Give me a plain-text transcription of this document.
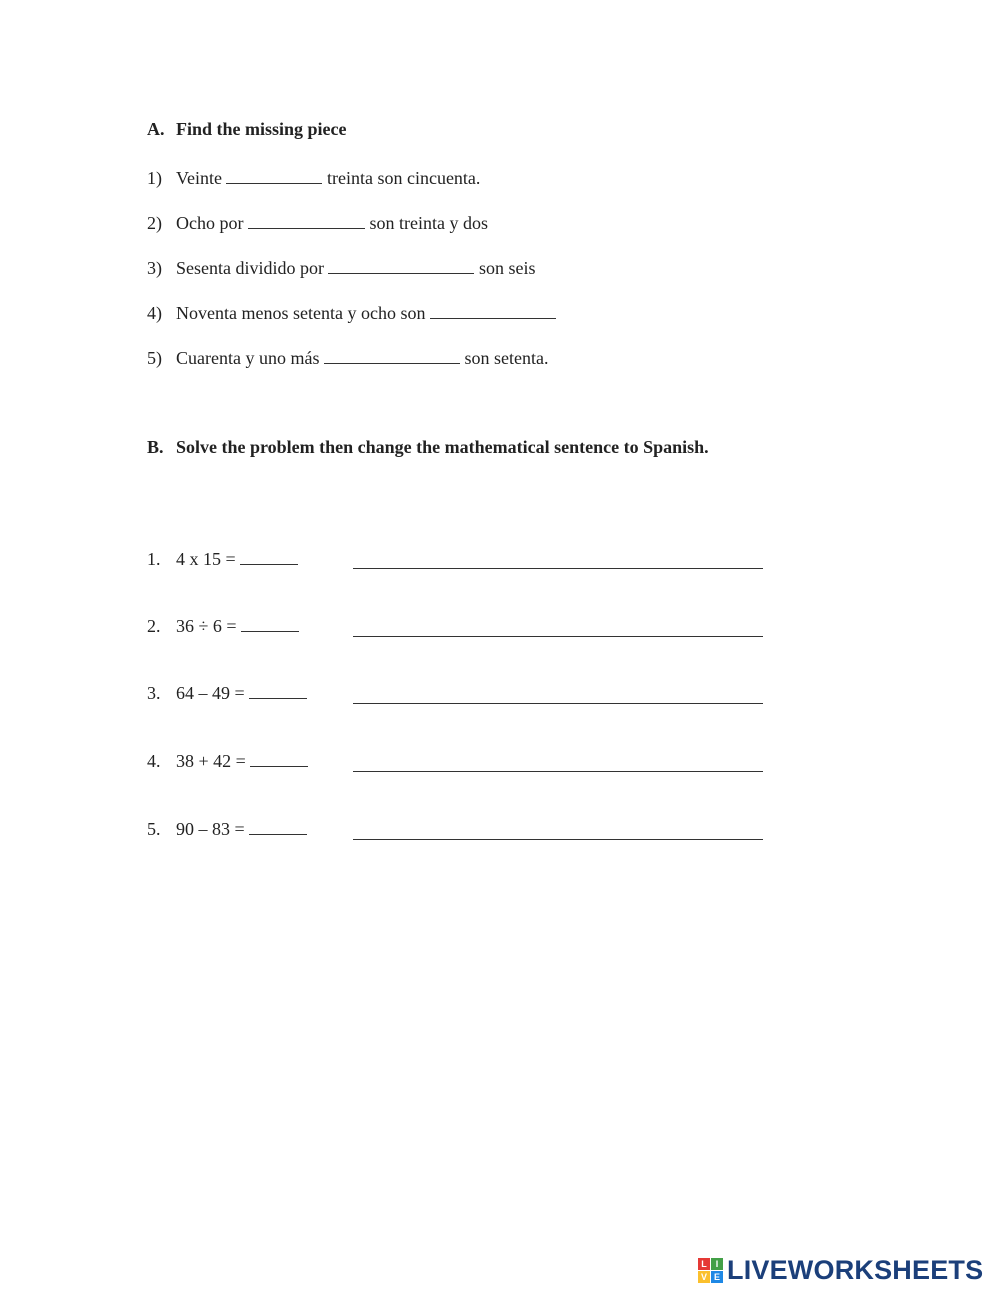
A. Find the missing piece
1) Veinte	treinta son cincuenta.
2) Ocho por	son treinta y dos
3) Sesenta dividido por	son seis
4) Noventa menos setenta y ocho son
5) Cuarenta y uno más	son setenta.
B. Solve the problem then change the mathematical sentence to Spanish.
1. 4 x 15 =
2. 36 ÷ 6 =
3. 64 – 49 =
4. 38 + 42 =
5. 90 – 83 =
L I
V E LIVEWORKSHEETS
